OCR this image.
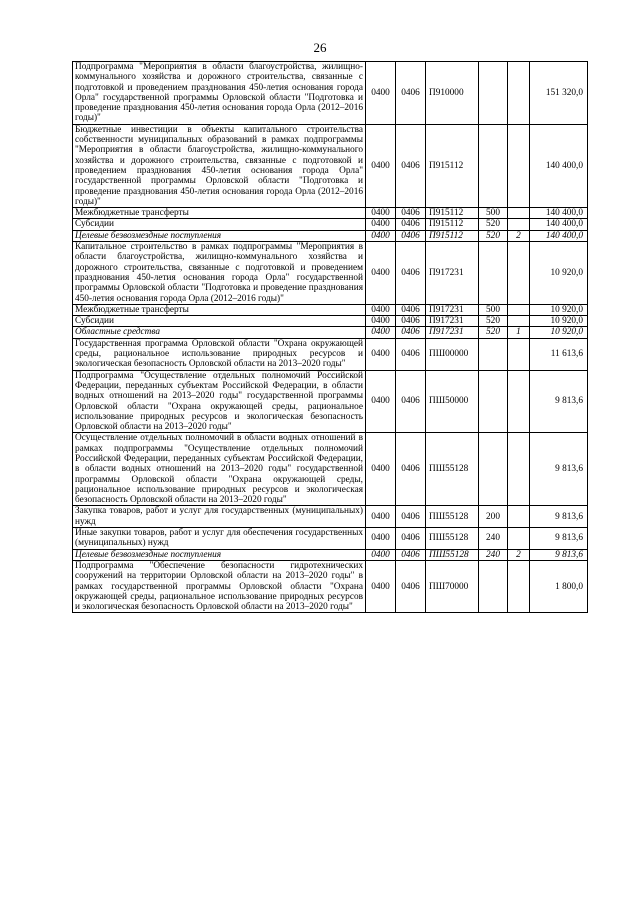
26
Подпрограмма "Мероприятия в области благоустройства, жилищно-коммунального хозяйства и дорожного строительства, связанные с подготовкой и проведением празднования 450-летия основания города Орла" государственной программы Орловской области "Подготовка и проведение празднования 450-летия основания города Орла (2012–2016 годы)"	0400	0406	П910000			151 320,0
Бюджетные инвестиции в объекты капитального строительства собственности муниципальных образований в рамках подпрограммы "Мероприятия в области благоустройства, жилищно-коммунального хозяйства и дорожного строительства, связанные с подготовкой и проведением празднования 450-летия основания города Орла" государственной программы Орловской области "Подготовка и проведение празднования 450-летия основания города Орла (2012–2016 годы)"	0400	0406	П915112			140 400,0
Межбюджетные трансферты	0400	0406	П915112	500		140 400,0
Субсидии	0400	0406	П915112	520		140 400,0
Целевые безвозмездные поступления	0400	0406	П915112	520	2	140 400,0
Капитальное строительство в рамках подпрограммы "Мероприятия в области благоустройства, жилищно-коммунального хозяйства и дорожного строительства, связанные с подготовкой и проведением празднования 450-летия основания города Орла" государственной программы Орловской области "Подготовка и проведение празднования 450-летия основания города Орла (2012–2016 годы)"	0400	0406	П917231			10 920,0
Межбюджетные трансферты	0400	0406	П917231	500		10 920,0
Субсидии	0400	0406	П917231	520		10 920,0
Областные средства	0400	0406	П917231	520	1	10 920,0
Государственная программа Орловской области "Охрана окружающей среды, рациональное использование природных ресурсов и экологическая безопасность Орловской области на 2013–2020 годы"	0400	0406	ПШ00000			11 613,6
Подпрограмма "Осуществление отдельных полномочий Российской Федерации, переданных субъектам Российской Федерации, в области водных отношений на 2013–2020 годы" государственной программы Орловской области "Охрана окружающей среды, рациональное использование природных ресурсов и экологическая безопасность Орловской области на 2013–2020 годы"	0400	0406	ПШ50000			9 813,6
Осуществление отдельных полномочий в области водных отношений в рамках подпрограммы "Осуществление отдельных полномочий Российской Федерации, переданных субъектам Российской Федерации, в области водных отношений на 2013–2020 годы" государственной программы Орловской области "Охрана окружающей среды, рациональное использование природных ресурсов и экологическая безопасность Орловской области на 2013–2020 годы"	0400	0406	ПШ55128			9 813,6
Закупка товаров, работ и услуг для государственных (муниципальных) нужд	0400	0406	ПШ55128	200		9 813,6
Иные закупки товаров, работ и услуг для обеспечения государственных (муниципальных) нужд	0400	0406	ПШ55128	240		9 813,6
Целевые безвозмездные поступления	0400	0406	ПШ55128	240	2	9 813,6
Подпрограмма "Обеспечение безопасности гидротехнических сооружений на территории Орловской области на 2013–2020 годы" в рамках государственной программы Орловской области "Охрана окружающей среды, рациональное использование природных ресурсов и экологическая безопасность Орловской области на 2013–2020 годы"	0400	0406	ПШ70000			1 800,0
